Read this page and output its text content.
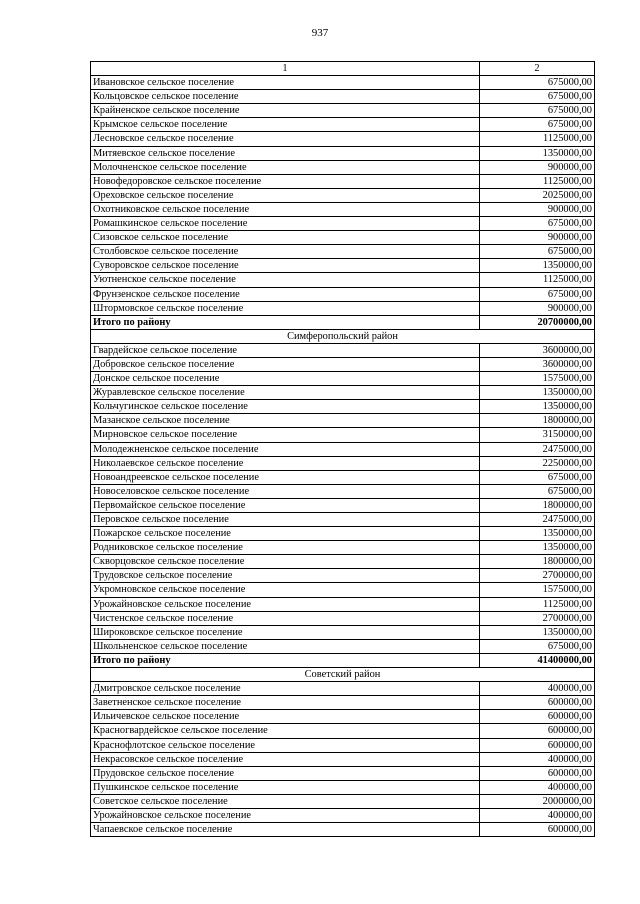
937
1	2
Ивановское сельское поселение	675000,00
Кольцовское сельское поселение	675000,00
Крайненское сельское поселение	675000,00
Крымское сельское поселение	675000,00
Лесновское сельское поселение	1125000,00
Митяевское сельское поселение	1350000,00
Молочненское сельское поселение	900000,00
Новофедоровское сельское поселение	1125000,00
Ореховское сельское поселение	2025000,00
Охотниковское сельское поселение	900000,00
Ромашкинское сельское поселение	675000,00
Сизовское сельское поселение	900000,00
Столбовское сельское поселение	675000,00
Суворовское сельское поселение	1350000,00
Уютненское сельское поселение	1125000,00
Фрунзенское сельское поселение	675000,00
Штормовское сельское поселение	900000,00
Итого по району	20700000,00
Симферопольский район	
Гвардейское сельское поселение	3600000,00
Добровское сельское поселение	3600000,00
Донское сельское поселение	1575000,00
Журавлевское сельское поселение	1350000,00
Кольчугинское сельское поселение	1350000,00
Мазанское сельское поселение	1800000,00
Мирновское сельское поселение	3150000,00
Молодежненское сельское поселение	2475000,00
Николаевское сельское поселение	2250000,00
Новоандреевское сельское поселение	675000,00
Новоселовское сельское поселение	675000,00
Первомайское сельское поселение	1800000,00
Перовское сельское поселение	2475000,00
Пожарское сельское поселение	1350000,00
Родниковское сельское поселение	1350000,00
Скворцовское сельское поселение	1800000,00
Трудовское сельское поселение	2700000,00
Укромновское сельское поселение	1575000,00
Урожайновское сельское поселение	1125000,00
Чистенское сельское поселение	2700000,00
Широковское сельское поселение	1350000,00
Школьненское сельское поселение	675000,00
Итого по району	41400000,00
Советский район	
Дмитровское сельское поселение	400000,00
Заветненское сельское поселение	600000,00
Ильичевское сельское поселение	600000,00
Красногвардейское сельское поселение	600000,00
Краснофлотское сельское поселение	600000,00
Некрасовское сельское поселение	400000,00
Прудовское сельское поселение	600000,00
Пушкинское сельское поселение	400000,00
Советское сельское поселение	2000000,00
Урожайновское сельское поселение	400000,00
Чапаевское сельское поселение	600000,00
